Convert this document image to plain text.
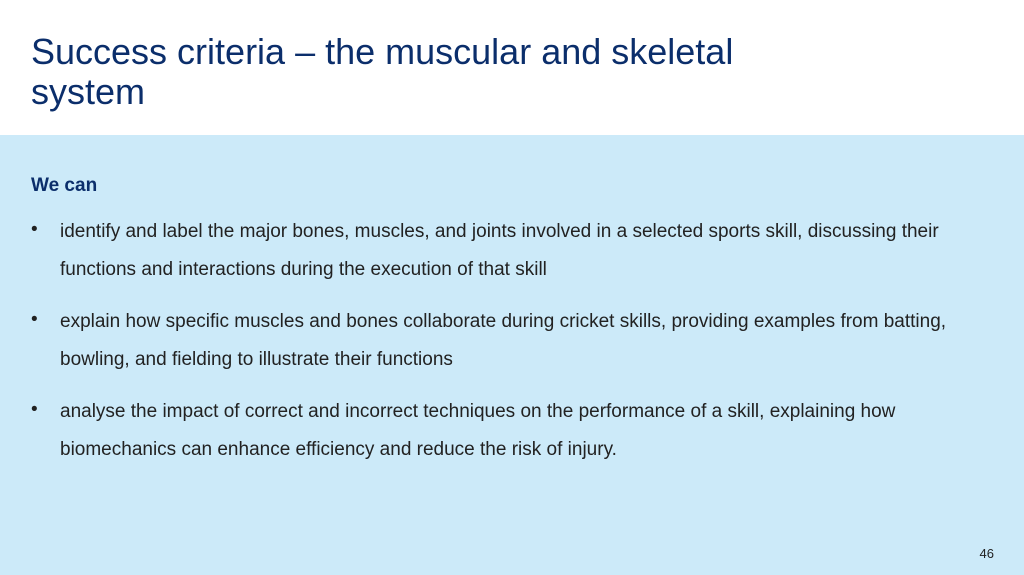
Success criteria – the muscular and skeletal system

We can

• identify and label the major bones, muscles, and joints involved in a selected sports skill, discussing their functions and interactions during the execution of that skill
• explain how specific muscles and bones collaborate during cricket skills, providing examples from batting, bowling, and fielding to illustrate their functions
• analyse the impact of correct and incorrect techniques on the performance of a skill, explaining how biomechanics can enhance efficiency and reduce the risk of injury.
46
